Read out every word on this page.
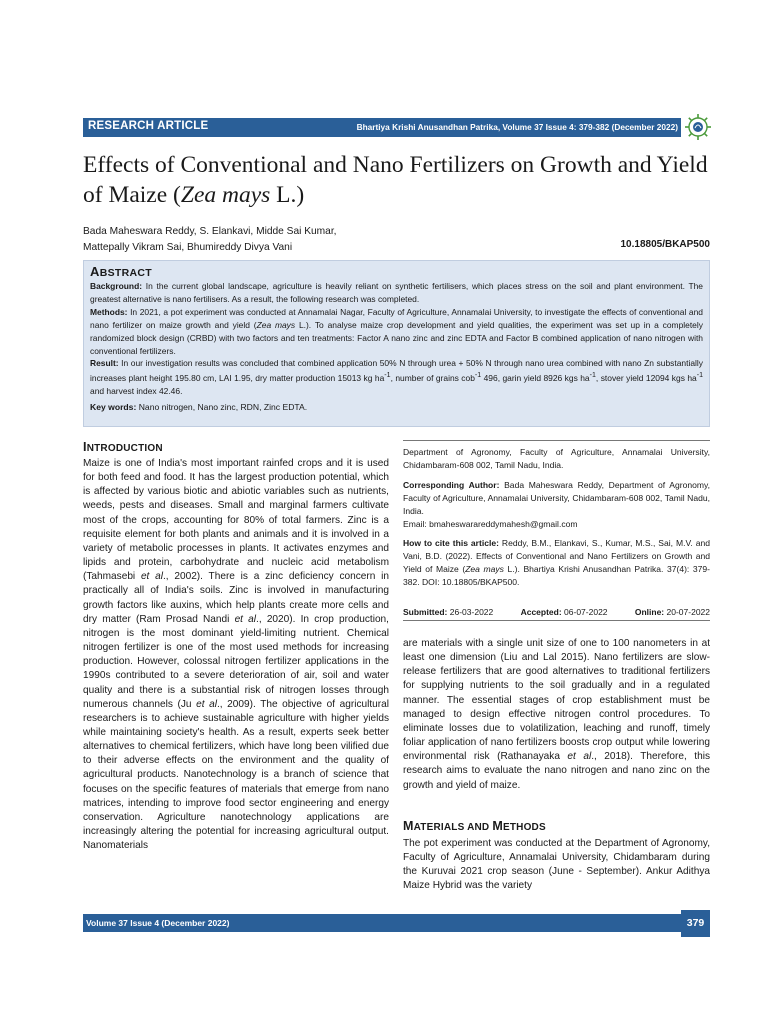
RESEARCH ARTICLE	Bhartiya Krishi Anusandhan Patrika, Volume 37 Issue 4: 379-382 (December 2022)
Effects of Conventional and Nano Fertilizers on Growth and Yield of Maize (Zea mays L.)
Bada Maheswara Reddy, S. Elankavi, Midde Sai Kumar,
Mattepally Vikram Sai, Bhumireddy Divya Vani	10.18805/BKAP500
ABSTRACT

Background: In the current global landscape, agriculture is heavily reliant on synthetic fertilisers, which places stress on the soil and plant environment. The greatest alternative is nano fertilisers. As a result, the following research was completed.

Methods: In 2021, a pot experiment was conducted at Annamalai Nagar, Faculty of Agriculture, Annamalai University, to investigate the effects of conventional and nano fertilizer on maize growth and yield (Zea mays L.). To analyse maize crop development and yield qualities, the experiment was set up in a completely randomized block design (CRBD) with two factors and ten treatments: Factor A nano zinc and zinc EDTA and Factor B combined application of nano nitrogen with conventional fertilizers.

Result: In our investigation results was concluded that combined application 50% N through urea + 50% N through nano urea combined with nano Zn substantially increases plant height 195.80 cm, LAI 1.95, dry matter production 15013 kg $ha^{-1}$, number of grains cob$^{-1}$ 496, garin yield 8926 kgs $ha^{-1}$, stover yield 12094 kgs $ha^{-1}$ and harvest index 42.46.

Key words: Nano nitrogen, Nano zinc, RDN, Zinc EDTA.
INTRODUCTION
Maize is one of India's most important rainfed crops and it is used for both feed and food. It has the largest production potential, which is affected by various biotic and abiotic variables such as nutrients, weeds, pests and diseases. Small and marginal farmers cultivate most of the crops, accounting for 80% of total farmers. Zinc is a requisite element for both plants and animals and it is involved in a variety of metabolic processes in plants. It activates enzymes and lipids and protein, carbohydrate and nucleic acid metabolism (Tahmasebi et al., 2002). There is a zinc deficiency concern in practically all of India's soils. Zinc is involved in manufacturing growth factors like auxins, which help plants create more cells and dry matter (Ram Prosad Nandi et al., 2020). In crop production, nitrogen is the most dominant yield-limiting nutrient. Chemical nitrogen fertilizer is one of the most used methods for increasing production. However, colossal nitrogen fertilizer applications in the 1990s contributed to a severe deterioration of air, soil and water quality and there is a substantial risk of nitrogen losses through numerous channels (Ju et al., 2009). The objective of agricultural researchers is to achieve sustainable agriculture with higher yields while maintaining society's health. As a result, experts seek better alternatives to chemical fertilizers, which have long been vilified due to their adverse effects on the environment and the quality of agricultural products. Nanotechnology is a branch of science that focuses on the specific features of materials that emerge from nano matrices, intending to improve food sector engineering and energy conservation. Agriculture nanotechnology applications are increasingly altering the potential for increasing agricultural output. Nanomaterials

Department of Agronomy, Faculty of Agriculture, Annamalai University, Chidambaram-608 002, Tamil Nadu, India.

Corresponding Author: Bada Maheswara Reddy, Department of Agronomy, Faculty of Agriculture, Annamalai University, Chidambaram-608 002, Tamil Nadu, India.
Email: bmaheswarareddymahesh@gmail.com

How to cite this article: Reddy, B.M., Elankavi, S., Kumar, M.S., Sai, M.V. and Vani, B.D. (2022). Effects of Conventional and Nano Fertilizers on Growth and Yield of Maize (Zea mays L.). Bhartiya Krishi Anusandhan Patrika. 37(4): 379-382. DOI: 10.18805/BKAP500.

Submitted: 26-03-2022	Accepted: 06-07-2022	Online: 20-07-2022
are materials with a single unit size of one to 100 nanometers in at least one dimension (Liu and Lal 2015). Nano fertilizers are slow-release fertilizers that are good alternatives to traditional fertilizers for supplying nutrients to the soil gradually and in a regulated manner. The essential stages of crop establishment must be managed to design effective nitrogen control procedures. To eliminate losses due to volatilization, leaching and runoff, timely foliar application of nano fertilizers boosts crop output while lowering environmental risk (Rathanayaka et al., 2018). Therefore, this research aims to evaluate the nano nitrogen and nano zinc on the growth and yield of maize.
MATERIALS AND METHODS
The pot experiment was conducted at the Department of Agronomy, Faculty of Agriculture, Annamalai University, Chidambaram during the Kuruvai 2021 crop season (June - September). Ankur Adithya Maize Hybrid was the variety
Volume 37 Issue 4 (December 2022)	379
